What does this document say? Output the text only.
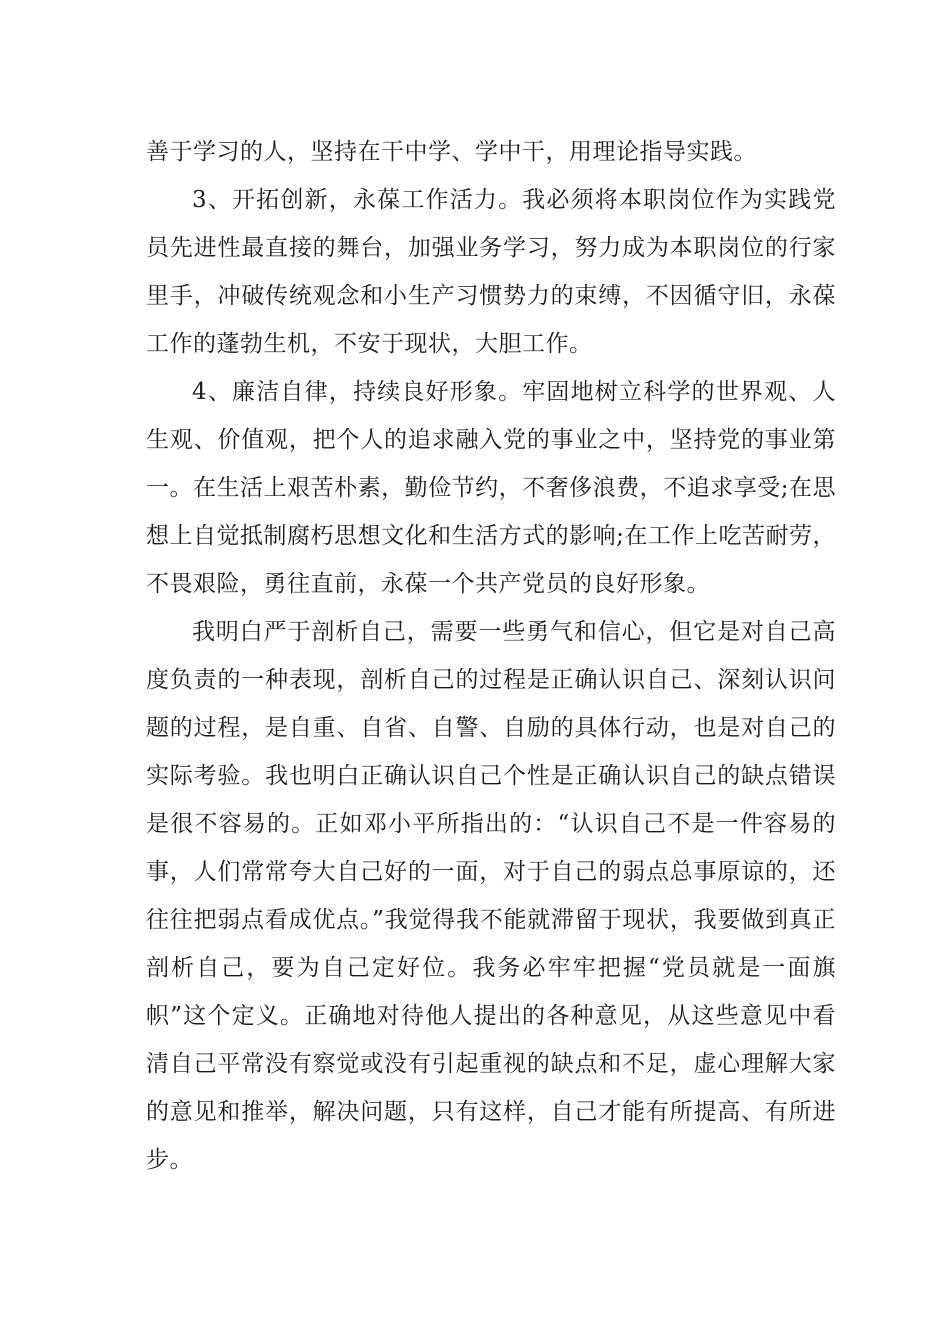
善于学习的人，坚持在干中学、学中干，用理论指导实践。

3、开拓创新，永葆工作活力。我必须将本职岗位作为实践党员先进性最直接的舞台，加强业务学习，努力成为本职岗位的行家里手，冲破传统观念和小生产习惯势力的束缚，不因循守旧，永葆工作的蓬勃生机，不安于现状，大胆工作。

4、廉洁自律，持续良好形象。牢固地树立科学的世界观、人生观、价值观，把个人的追求融入党的事业之中，坚持党的事业第一。在生活上艰苦朴素，勤俭节约，不奢侈浪费，不追求享受;在思想上自觉抵制腐朽思想文化和生活方式的影响;在工作上吃苦耐劳，不畏艰险，勇往直前，永葆一个共产党员的良好形象。

我明白严于剖析自己，需要一些勇气和信心，但它是对自己高度负责的一种表现，剖析自己的过程是正确认识自己、深刻认识问题的过程，是自重、自省、自警、自励的具体行动，也是对自己的实际考验。我也明白正确认识自己个性是正确认识自己的缺点错误是很不容易的。正如邓小平所指出的：“认识自己不是一件容易的事，人们常常夸大自己好的一面，对于自己的弱点总事原谅的，还往往把弱点看成优点。”我觉得我不能就滞留于现状，我要做到真正剖析自己，要为自己定好位。我务必牢牢把握“党员就是一面旗帜”这个定义。正确地对待他人提出的各种意见，从这些意见中看清自己平常没有察觉或没有引起重视的缺点和不足，虚心理解大家的意见和推举，解决问题，只有这样，自己才能有所提高、有所进步。
